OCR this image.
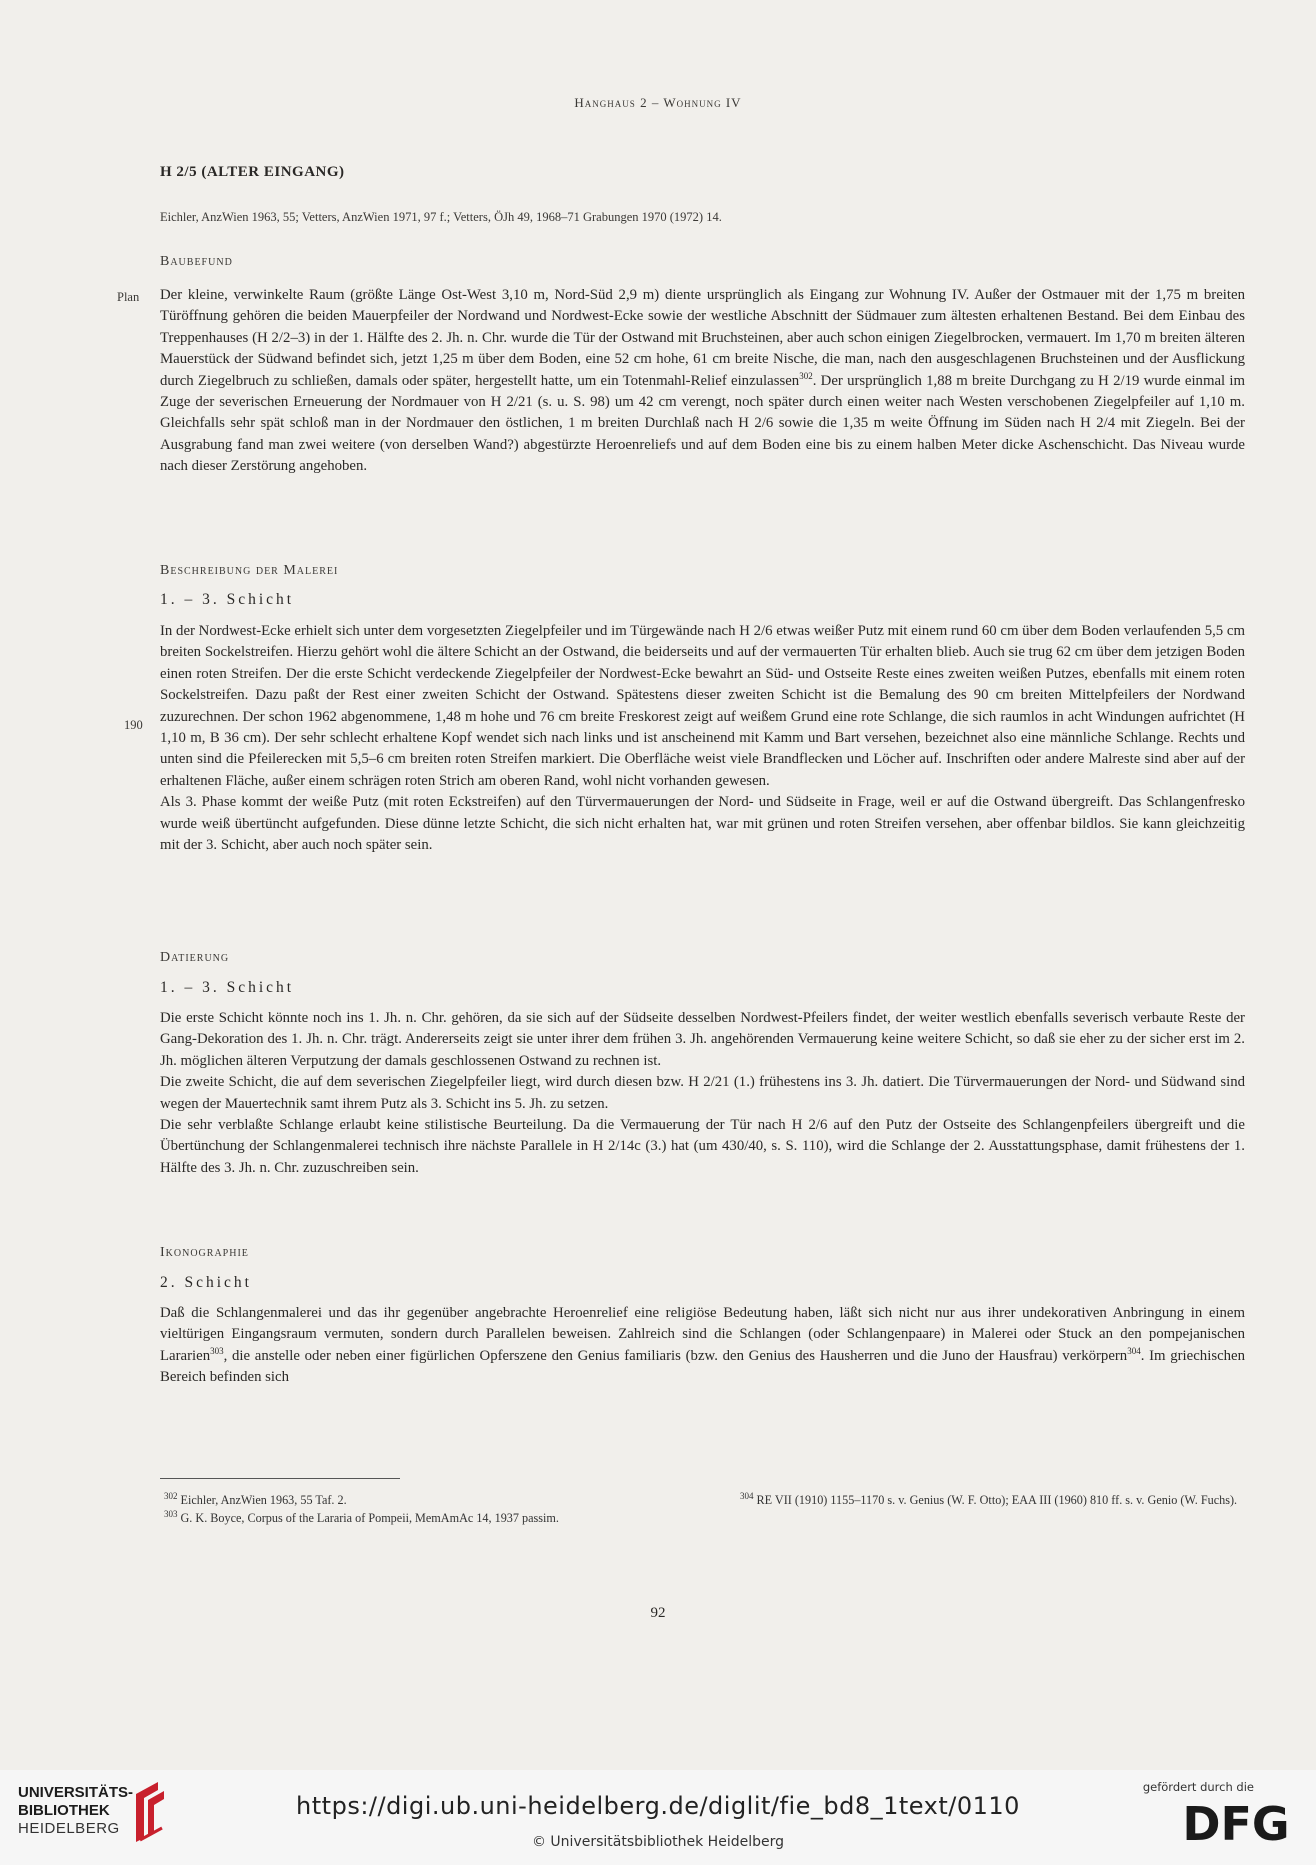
Hanghaus 2 – Wohnung IV
H 2/5 (ALTER EINGANG)
Eichler, AnzWien 1963, 55; Vetters, AnzWien 1971, 97 f.; Vetters, ÖJh 49, 1968–71 Grabungen 1970 (1972) 14.
Baubefund
Plan Der kleine, verwinkelte Raum (größte Länge Ost-West 3,10 m, Nord-Süd 2,9 m) diente ursprünglich als Eingang zur Wohnung IV. Außer der Ostmauer mit der 1,75 m breiten Türöffnung gehören die beiden Mauerpfeiler der Nordwand und Nordwest-Ecke sowie der westliche Abschnitt der Südmauer zum ältesten erhaltenen Bestand. Bei dem Einbau des Treppenhauses (H 2/2–3) in der 1. Hälfte des 2. Jh. n. Chr. wurde die Tür der Ostwand mit Bruchsteinen, aber auch schon einigen Ziegelbrocken, vermauert. Im 1,70 m breiten älteren Mauerstück der Südwand befindet sich, jetzt 1,25 m über dem Boden, eine 52 cm hohe, 61 cm breite Nische, die man, nach den ausgeschlagenen Bruchsteinen und der Ausflickung durch Ziegelbruch zu schließen, damals oder später, hergestellt hatte, um ein Totenmahl-Relief einzulassen$^{302}$. Der ursprünglich 1,88 m breite Durchgang zu H 2/19 wurde einmal im Zuge der severischen Erneuerung der Nordmauer von H 2/21 (s. u. S. 98) um 42 cm verengt, noch später durch einen weiter nach Westen verschobenen Ziegelpfeiler auf 1,10 m. Gleichfalls sehr spät schloß man in der Nordmauer den östlichen, 1 m breiten Durchlaß nach H 2/6 sowie die 1,35 m weite Öffnung im Süden nach H 2/4 mit Ziegeln. Bei der Ausgrabung fand man zwei weitere (von derselben Wand?) abgestürzte Heroenreliefs und auf dem Boden eine bis zu einem halben Meter dicke Aschenschicht. Das Niveau wurde nach dieser Zerstörung angehoben.

Beschreibung der Malerei
1. – 3. Schicht
190

In der Nordwest-Ecke erhielt sich unter dem vorgesetzten Ziegelpfeiler und im Türgewände nach H 2/6 etwas weißer Putz mit einem rund 60 cm über dem Boden verlaufenden 5,5 cm breiten Sockelstreifen. Hierzu gehört wohl die ältere Schicht an der Ostwand, die beiderseits und auf der vermauerten Tür erhalten blieb. Auch sie trug 62 cm über dem jetzigen Boden einen roten Streifen. Der die erste Schicht verdeckende Ziegelpfeiler der Nordwest-Ecke bewahrt an Süd- und Ostseite Reste eines zweiten weißen Putzes, ebenfalls mit einem roten Sockelstreifen. Dazu paßt der Rest einer zweiten Schicht der Ostwand. Spätestens dieser zweiten Schicht ist die Bemalung des 90 cm breiten Mittelpfeilers der Nordwand zuzurechnen. Der schon 1962 abgenommene, 1,48 m hohe und 76 cm breite Freskorest zeigt auf weißem Grund eine rote Schlange, die sich raumlos in acht Windungen aufrichtet (H 1,10 m, B 36 cm). Der sehr schlecht erhaltene Kopf wendet sich nach links und ist anscheinend mit Kamm und Bart versehen, bezeichnet also eine männliche Schlange. Rechts und unten sind die Pfeilerecken mit 5,5–6 cm breiten roten Streifen markiert. Die Oberfläche weist viele Brandflecken und Löcher auf. Inschriften oder andere Malreste sind aber auf der erhaltenen Fläche, außer einem schrägen roten Strich am oberen Rand, wohl nicht vorhanden gewesen.

Als 3. Phase kommt der weiße Putz (mit roten Eckstreifen) auf den Türvermauerungen der Nord- und Südseite in Frage, weil er auf die Ostwand übergreift. Das Schlangenfresko wurde weiß übertüncht aufgefunden. Diese dünne letzte Schicht, die sich nicht erhalten hat, war mit grünen und roten Streifen versehen, aber offenbar bildlos. Sie kann gleichzeitig mit der 3. Schicht, aber auch noch später sein.

Datierung
1. – 3. Schicht

Die erste Schicht könnte noch ins 1. Jh. n. Chr. gehören, da sie sich auf der Südseite desselben Nordwest-Pfeilers findet, der weiter westlich ebenfalls severisch verbaute Reste der Gang-Dekoration des 1. Jh. n. Chr. trägt. Andererseits zeigt sie unter ihrer dem frühen 3. Jh. angehörenden Vermauerung keine weitere Schicht, so daß sie eher zu der sicher erst im 2. Jh. möglichen älteren Verputzung der damals geschlossenen Ostwand zu rechnen ist.

Die zweite Schicht, die auf dem severischen Ziegelpfeiler liegt, wird durch diesen bzw. H 2/21 (1.) frühestens ins 3. Jh. datiert. Die Türvermauerungen der Nord- und Südwand sind wegen der Mauertechnik samt ihrem Putz als 3. Schicht ins 5. Jh. zu setzen.

Die sehr verblaßte Schlange erlaubt keine stilistische Beurteilung. Da die Vermauerung der Tür nach H 2/6 auf den Putz der Ostseite des Schlangenpfeilers übergreift und die Übertünchung der Schlangenmalerei technisch ihre nächste Parallele in H 2/14c (3.) hat (um 430/40, s. S. 110), wird die Schlange der 2. Ausstattungsphase, damit frühestens der 1. Hälfte des 3. Jh. n. Chr. zuzuschreiben sein.

Ikonographie
2. Schicht

Daß die Schlangenmalerei und das ihr gegenüber angebrachte Heroenrelief eine religiöse Bedeutung haben, läßt sich nicht nur aus ihrer undekorativen Anbringung in einem vieltürigen Eingangsraum vermuten, sondern durch Parallelen beweisen. Zahlreich sind die Schlangen (oder Schlangenpaare) in Malerei oder Stuck an den pompejanischen Lararien$^{303}$, die anstelle oder neben einer figürlichen Opferszene den Genius familiaris (bzw. den Genius des Hausherren und die Juno der Hausfrau) verkörpern$^{304}$. Im griechischen Bereich befinden sich

$^{302}$ Eichler, AnzWien 1963, 55 Taf. 2.
$^{303}$ G. K. Boyce, Corpus of the Lararia of Pompeii, MemAmAc 14, 1937 passim.
$^{304}$ RE VII (1910) 1155–1170 s. v. Genius (W. F. Otto); EAA III (1960) 810 ff. s. v. Genio (W. Fuchs).
92
UNIVERSITÄTS-
BIBLIOTHEK
HEIDELBERG
https://digi.ub.uni-heidelberg.de/diglit/fie_bd8_1text/0110
© Universitätsbibliothek Heidelberg
gefördert durch die
DFG
